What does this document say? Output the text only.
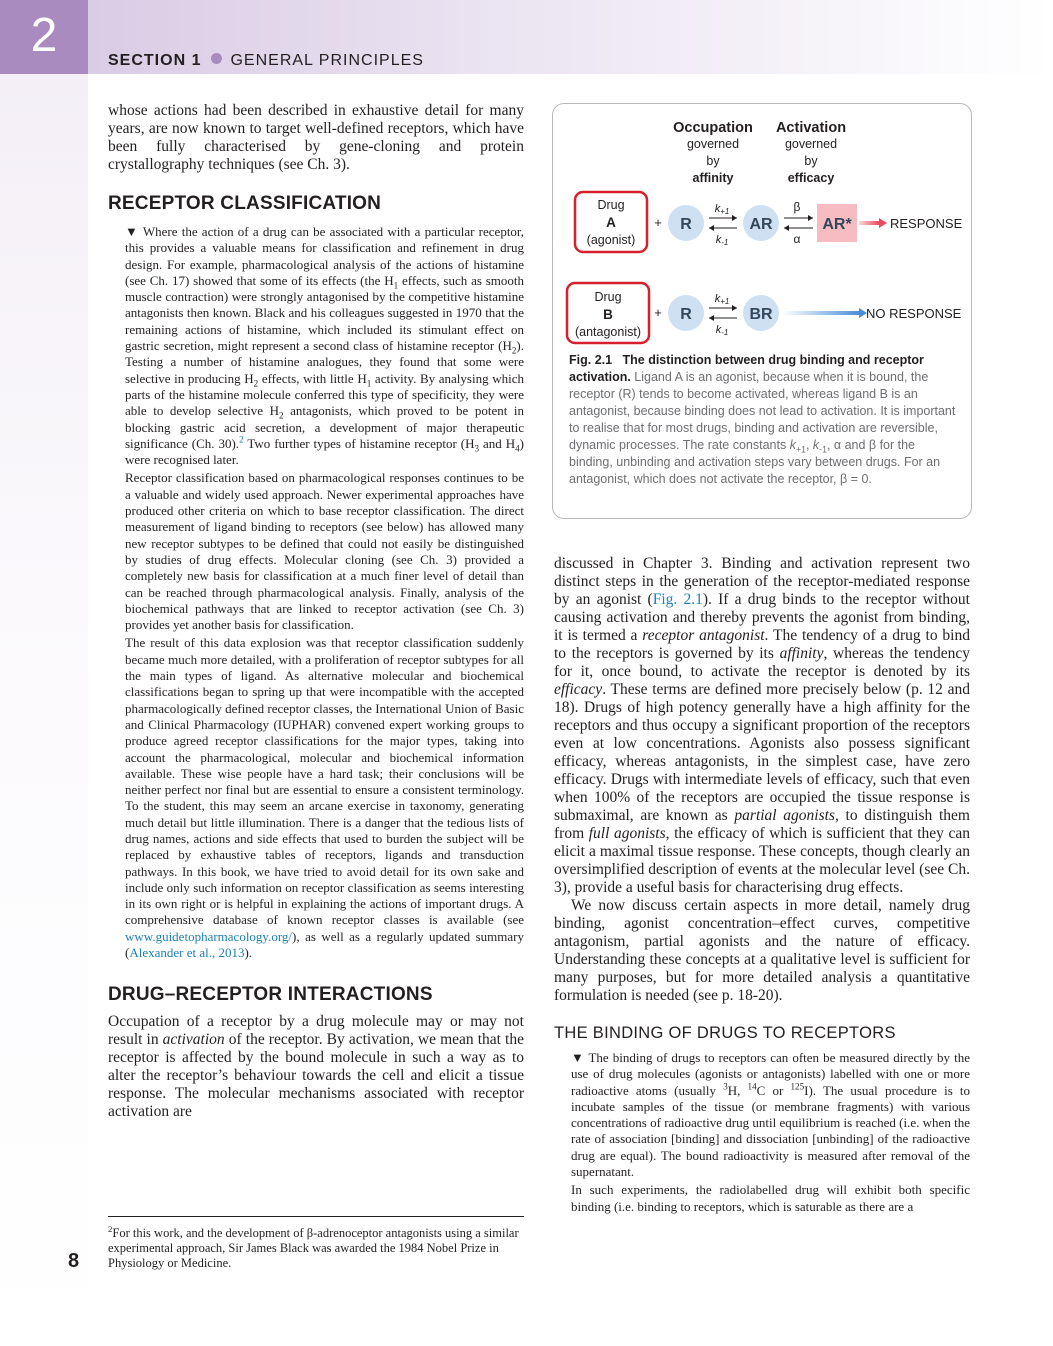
2	SECTION 1 GENERAL PRINCIPLES

whose actions had been described in exhaustive detail for many years, are now known to target well-defined receptors, which have been fully characterised by gene-cloning and protein crystallography techniques (see Ch. 3).

RECEPTOR CLASSIFICATION

▼ Where the action of a drug can be associated with a particular receptor, this provides a valuable means for classification and refinement in drug design. For example, pharmacological analysis of the actions of histamine (see Ch. 17) showed that some of its effects (the $H_1$ effects, such as smooth muscle contraction) were strongly antagonised by the competitive histamine antagonists then known. Black and his colleagues suggested in 1970 that the remaining actions of histamine, which included its stimulant effect on gastric secretion, might represent a second class of histamine receptor $(H_2)$. Testing a number of histamine analogues, they found that some were selective in producing $H_2$ effects, with little $H_1$ activity. By analysing which parts of the histamine molecule conferred this type of specificity, they were able to develop selective $H_2$ antagonists, which proved to be potent in blocking gastric acid secretion, a development of major therapeutic significance (Ch. 30).$^2$ Two further types of histamine receptor ($H_3$ and $H_4$) were recognised later.

Receptor classification based on pharmacological responses continues to be a valuable and widely used approach. Newer experimental approaches have produced other criteria on which to base receptor classification. The direct measurement of ligand binding to receptors (see below) has allowed many new receptor subtypes to be defined that could not easily be distinguished by studies of drug effects. Molecular cloning (see Ch. 3) provided a completely new basis for classification at a much finer level of detail than can be reached through pharmacological analysis. Finally, analysis of the biochemical pathways that are linked to receptor activation (see Ch. 3) provides yet another basis for classification.

The result of this data explosion was that receptor classification suddenly became much more detailed, with a proliferation of receptor subtypes for all the main types of ligand. As alternative molecular and biochemical classifications began to spring up that were incompatible with the accepted pharmacologically defined receptor classes, the International Union of Basic and Clinical Pharmacology (IUPHAR) convened expert working groups to produce agreed receptor classifications for the major types, taking into account the pharmacological, molecular and biochemical information available. These wise people have a hard task; their conclusions will be neither perfect nor final but are essential to ensure a consistent terminology. To the student, this may seem an arcane exercise in taxonomy, generating much detail but little illumination. There is a danger that the tedious lists of drug names, actions and side effects that used to burden the subject will be replaced by exhaustive tables of receptors, ligands and transduction pathways. In this book, we have tried to avoid detail for its own sake and include only such information on receptor classification as seems interesting in its own right or is helpful in explaining the actions of important drugs. A comprehensive database of known receptor classes is available (see www.guidetopharmacology.org/), as well as a regularly updated summary (Alexander et al., 2013).

DRUG–RECEPTOR INTERACTIONS

Occupation of a receptor by a drug molecule may or may not result in activation of the receptor. By activation, we mean that the receptor is affected by the bound molecule in such a way as to alter the receptor’s behaviour towards the cell and elicit a tissue response. The molecular mechanisms associated with receptor activation are

$^2$For this work, and the development of β-adrenoceptor antagonists using a similar experimental approach, Sir James Black was awarded the 1984 Nobel Prize in Physiology or Medicine.

8
Occupation
governed
by
affinity
Activation
governed
by
efficacy
Drug
A
(agonist)
+ R
k+1
k-1
AR
β
α
AR*	RESPONSE
Drug
B
(antagonist)
+ R
k+1
k-1
BR	NO RESPONSE

Fig. 2.1 The distinction between drug binding and receptor activation. Ligand A is an agonist, because when it is bound, the receptor (R) tends to become activated, whereas ligand B is an antagonist, because binding does not lead to activation. It is important to realise that for most drugs, binding and activation are reversible, dynamic processes. The rate constants $k_{+1}$, $k_{-1}$, α and β for the binding, unbinding and activation steps vary between drugs. For an antagonist, which does not activate the receptor, β = 0.

discussed in Chapter 3. Binding and activation represent two distinct steps in the generation of the receptor-mediated response by an agonist (Fig. 2.1). If a drug binds to the receptor without causing activation and thereby prevents the agonist from binding, it is termed a receptor antagonist. The tendency of a drug to bind to the receptors is governed by its affinity, whereas the tendency for it, once bound, to activate the receptor is denoted by its efficacy. These terms are defined more precisely below (p. 12 and 18). Drugs of high potency generally have a high affinity for the receptors and thus occupy a significant proportion of the receptors even at low concentrations. Agonists also possess significant efficacy, whereas antagonists, in the simplest case, have zero efficacy. Drugs with intermediate levels of efficacy, such that even when 100% of the receptors are occupied the tissue response is submaximal, are known as partial agonists, to distinguish them from full agonists, the efficacy of which is sufficient that they can elicit a maximal tissue response. These concepts, though clearly an oversimplified description of events at the molecular level (see Ch. 3), provide a useful basis for characterising drug effects.

We now discuss certain aspects in more detail, namely drug binding, agonist concentration–effect curves, competitive antagonism, partial agonists and the nature of efficacy. Understanding these concepts at a qualitative level is sufficient for many purposes, but for more detailed analysis a quantitative formulation is needed (see p. 18-20).

THE BINDING OF DRUGS TO RECEPTORS

▼ The binding of drugs to receptors can often be measured directly by the use of drug molecules (agonists or antagonists) labelled with one or more radioactive atoms (usually $^3$H, $^{14}$C or $^{125}$I). The usual procedure is to incubate samples of the tissue (or membrane fragments) with various concentrations of radioactive drug until equilibrium is reached (i.e. when the rate of association [binding] and dissociation [unbinding] of the radioactive drug are equal). The bound radioactivity is measured after removal of the supernatant.

In such experiments, the radiolabelled drug will exhibit both specific binding (i.e. binding to receptors, which is saturable as there are a
